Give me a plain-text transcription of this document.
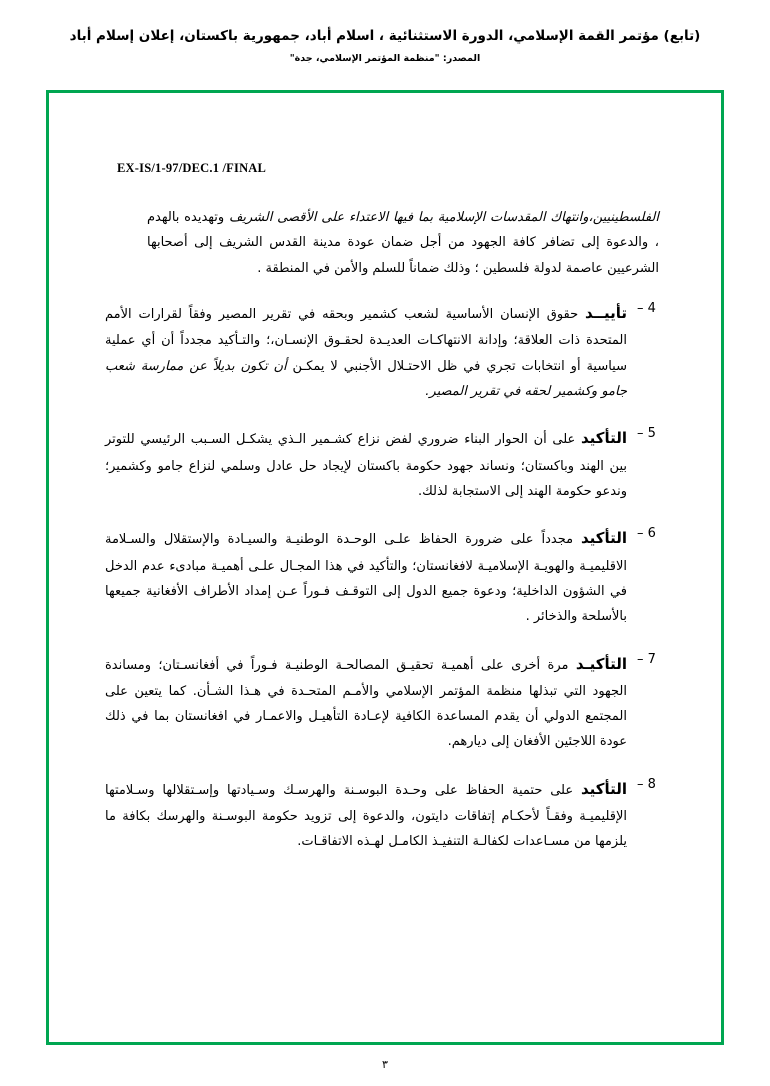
(تابع) مؤتمر القمة الإسلامي، الدورة الاستثنائية ، اسلام أباد، جمهورية باكستان، إعلان إسلام أباد
المصدر: "منظمة المؤتمر الإسلامي، جدة"
EX-IS/1-97/DEC.1 /FINAL
الفلسطينيين،وانتهاك المقدسات الإسلامية بما فيها الاعتداء على الأقصى الشريف وتهديده بالهدم ، والدعوة إلى تضافر كافة الجهود من أجل ضمان عودة مدينة القدس الشريف إلى أصحابها الشرعيين عاصمة لدولة فلسطين ؛ وذلك ضماناً للسلم والأمن في المنطقة .
4 –
تأييــد حقوق الإنسان الأساسية لشعب كشمير وبحقه في تقرير المصير وفقاً لقرارات الأمم المتحدة ذات العلاقة؛ وإدانة الانتهاكـات العديـدة لحقـوق الإنسـان،؛ والتـأكيد مجدداً أن أي عملية سياسية أو انتخابات تجري في ظل الاحتـلال الأجنبي لا يمكـن أن تكون بديلاً عن ممارسة شعب جامو وكشمير لحقه في تقرير المصير.
5 –
التأكيد على أن الحوار البناء ضروري لفض نزاع كشـمير الـذي يشكـل السـبب الرئيسي للتوتر بين الهند وباكستان؛ ونساند جهود حكومة باكستان لإيجاد حل عادل وسلمي لنزاع جامو وكشمير؛ وندعو حكومة الهند إلى الاستجابة لذلك.
6 –
التأكيد مجدداً على ضرورة الحفاظ علـى الوحـدة الوطنيـة والسيـادة والإستقلال والسـلامة الاقليميـة والهويـة الإسلاميـة لافغانستان؛ والتأكيد في هذا المجـال علـى أهميـة مبادىء عدم الدخل في الشؤون الداخلية؛ ودعوة جميع الدول إلى التوقـف فـوراً عـن إمداد الأطراف الأفغانية جميعها بالأسلحة والذخائر .
7 –
التأكيـد مرة أخرى على أهميـة تحقيـق المصالحـة الوطنيـة فـوراً في أفغانسـتان؛ ومساندة الجهود التي تبذلها منظمة المؤتمر الإسلامي والأمـم المتحـدة في هـذا الشـأن. كما يتعين على المجتمع الدولي أن يقدم المساعدة الكافية لإعـادة التأهيـل والاعمـار في افغانستان بما في ذلك عودة اللاجئين الأفغان إلى ديارهم.
8 –
التأكيد على حتمية الحفاظ على وحـدة البوسـنة والهرسـك وسـيادتها وإسـتقلالها وسـلامتها الإقليميـة وفقـاً لأحكـام إتفاقات دايتون، والدعوة إلى تزويد حكومة البوسـنة والهرسك بكافة ما يلزمها من مسـاعدات لكفالـة التنفيـذ الكامـل لهـذه الاتفاقـات.
٣
